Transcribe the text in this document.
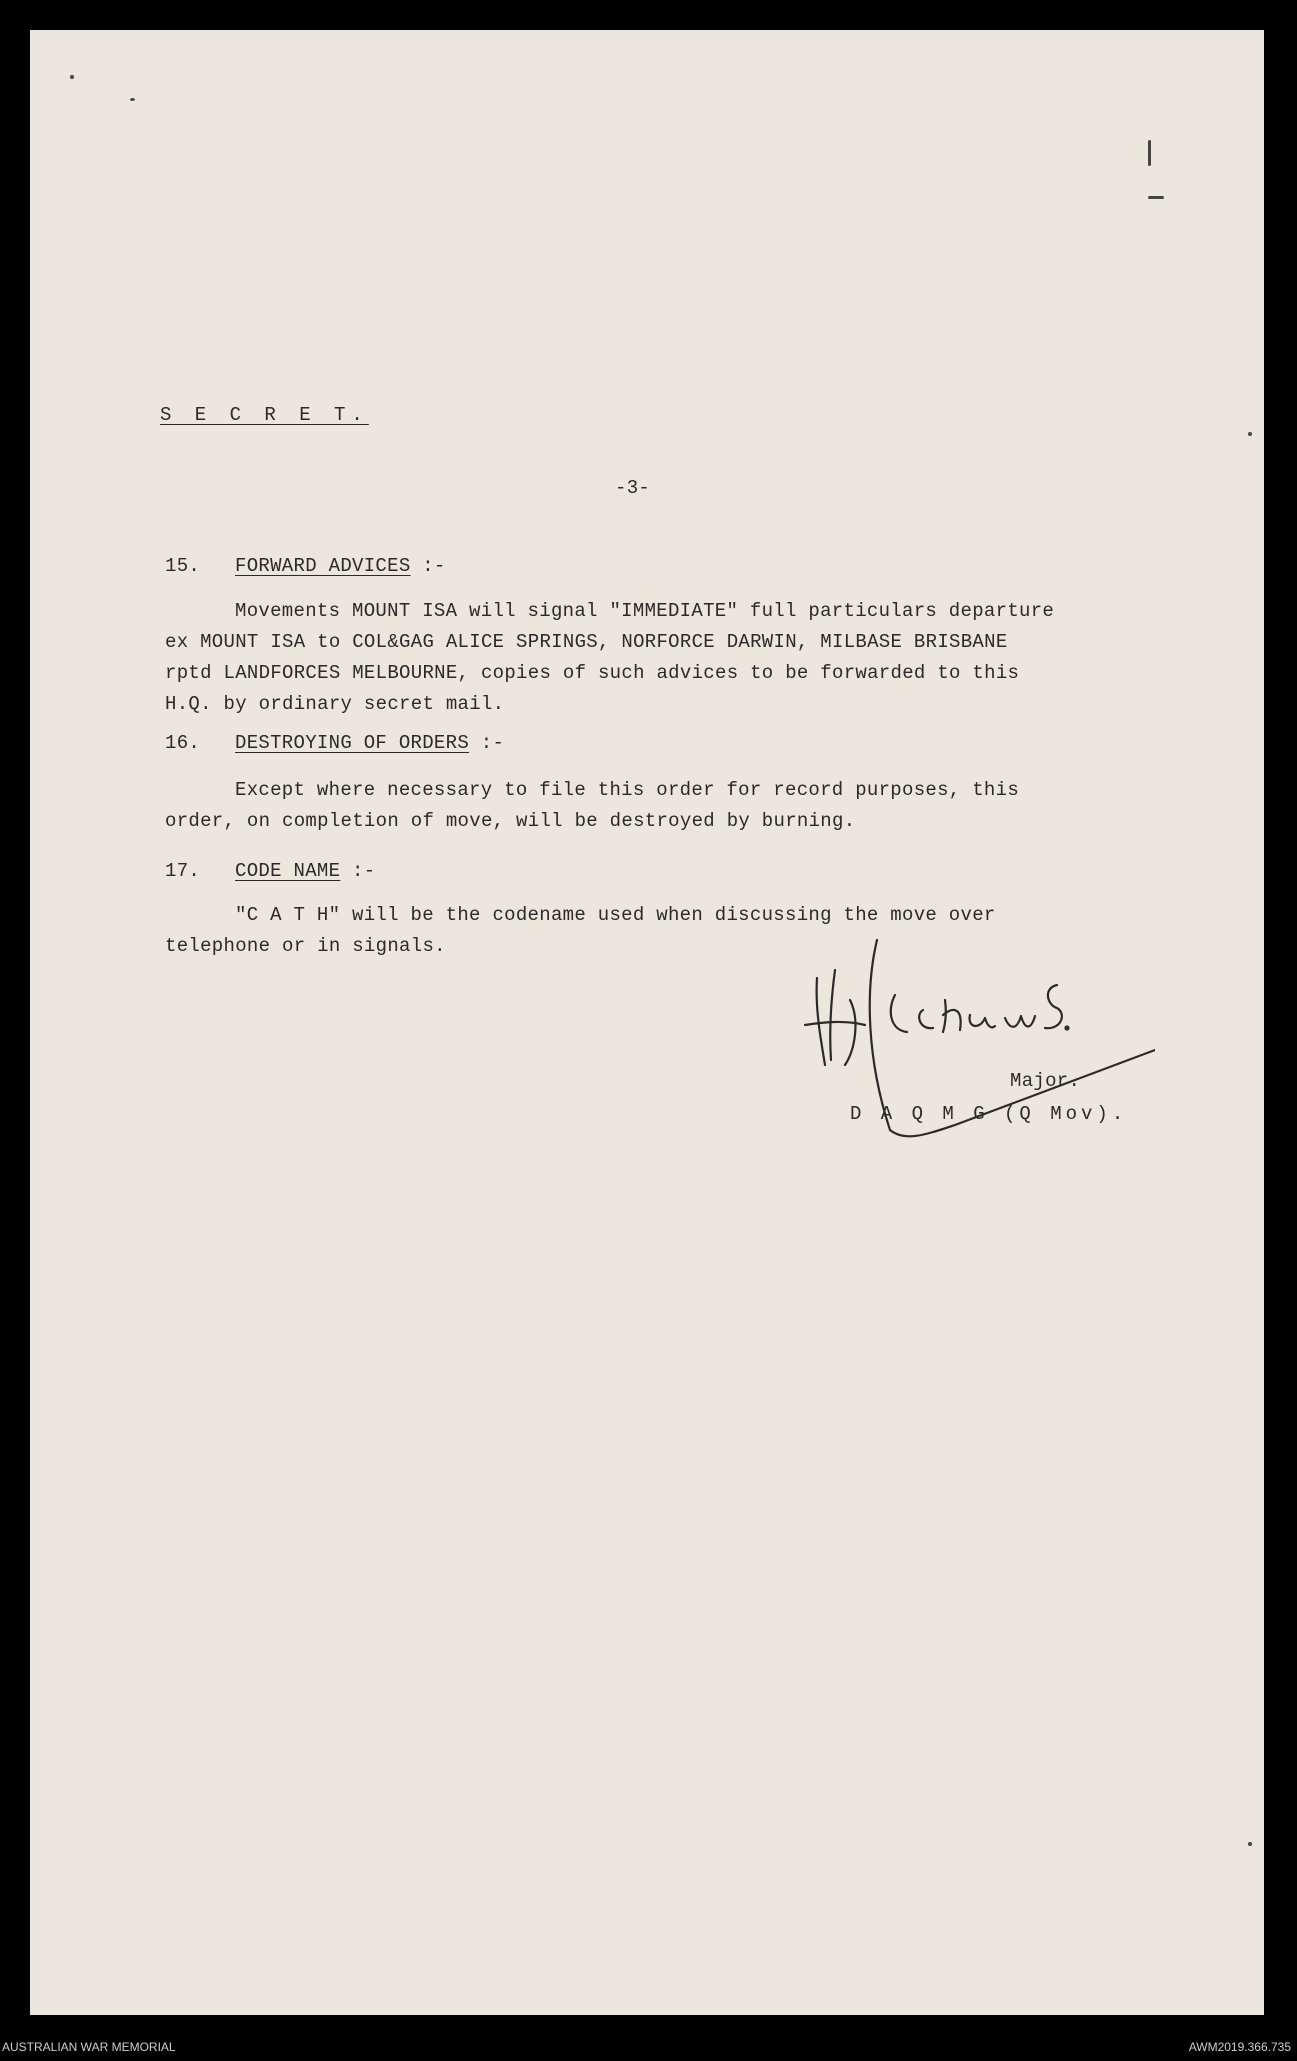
S E C R E T.
-3-
15. FORWARD ADVICES :-
Movements MOUNT ISA will signal "IMMEDIATE" full particulars departure
ex MOUNT ISA to COL&GAG ALICE SPRINGS, NORFORCE DARWIN, MILBASE BRISBANE
rptd LANDFORCES MELBOURNE, copies of such advices to be forwarded to this
H.Q. by ordinary secret mail.
16. DESTROYING OF ORDERS :-
Except where necessary to file this order for record purposes, this
order, on completion of move, will be destroyed by burning.
17. CODE NAME :-
"C A T H" will be the codename used when discussing the move over
telephone or in signals.
Major.
D A Q M G (Q Mov).
AUSTRALIAN WAR MEMORIAL	AWM2019.366.735
